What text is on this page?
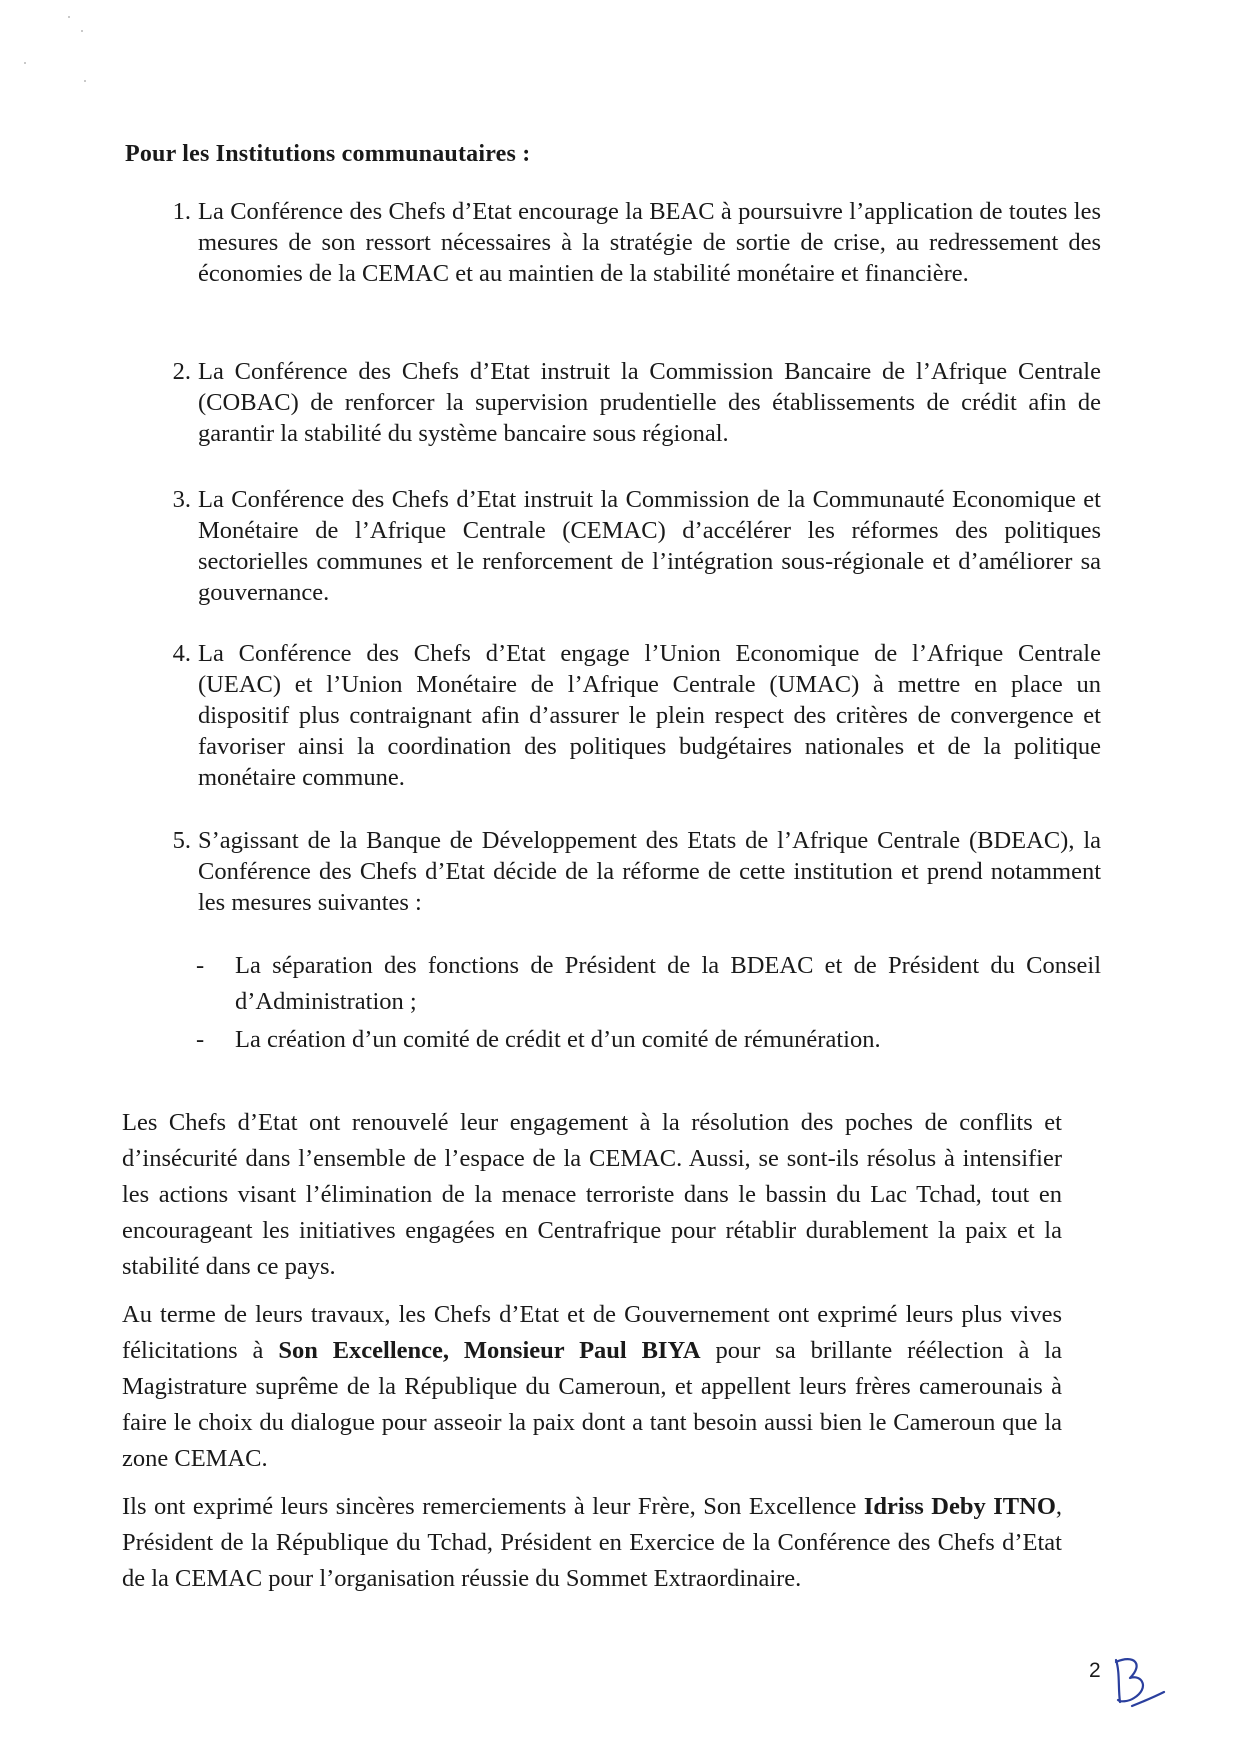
Pour les Institutions communautaires :
1. La Conférence des Chefs d’Etat encourage la BEAC à poursuivre l’application de toutes les mesures de son ressort nécessaires à la stratégie de sortie de crise, au redressement des économies de la CEMAC et au maintien de la stabilité monétaire et financière.
2. La Conférence des Chefs d’Etat instruit la Commission Bancaire de l’Afrique Centrale (COBAC) de renforcer la supervision prudentielle des établissements de crédit afin de garantir la stabilité du système bancaire sous régional.
3. La Conférence des Chefs d’Etat instruit la Commission de la Communauté Economique et Monétaire de l’Afrique Centrale (CEMAC) d’accélérer les réformes des politiques sectorielles communes et le renforcement de l’intégration sous-régionale et d’améliorer sa gouvernance.
4. La Conférence des Chefs d’Etat engage l’Union Economique de l’Afrique Centrale (UEAC) et l’Union Monétaire de l’Afrique Centrale (UMAC) à mettre en place un dispositif plus contraignant afin d’assurer le plein respect des critères de convergence et favoriser ainsi la coordination des politiques budgétaires nationales et de la politique monétaire commune.
5. S’agissant de la Banque de Développement des Etats de l’Afrique Centrale (BDEAC), la Conférence des Chefs d’Etat décide de la réforme de cette institution et prend notamment les mesures suivantes :
- La séparation des fonctions de Président de la BDEAC et de Président du Conseil d’Administration ;
- La création d’un comité de crédit et d’un comité de rémunération.
Les Chefs d’Etat ont renouvelé leur engagement à la résolution des poches de conflits et d’insécurité dans l’ensemble de l’espace de la CEMAC. Aussi, se sont-ils résolus à intensifier les actions visant l’élimination de la menace terroriste dans le bassin du Lac Tchad, tout en encourageant les initiatives engagées en Centrafrique pour rétablir durablement la paix et la stabilité dans ce pays.
Au terme de leurs travaux, les Chefs d’Etat et de Gouvernement ont exprimé leurs plus vives félicitations à Son Excellence, Monsieur Paul BIYA pour sa brillante réélection à la Magistrature suprême de la République du Cameroun, et appellent leurs frères camerounais à faire le choix du dialogue pour asseoir la paix dont a tant besoin aussi bien le Cameroun que la zone CEMAC.
Ils ont exprimé leurs sincères remerciements à leur Frère, Son Excellence Idriss Deby ITNO, Président de la République du Tchad, Président en Exercice de la Conférence des Chefs d’Etat de la CEMAC pour l’organisation réussie du Sommet Extraordinaire.
2
